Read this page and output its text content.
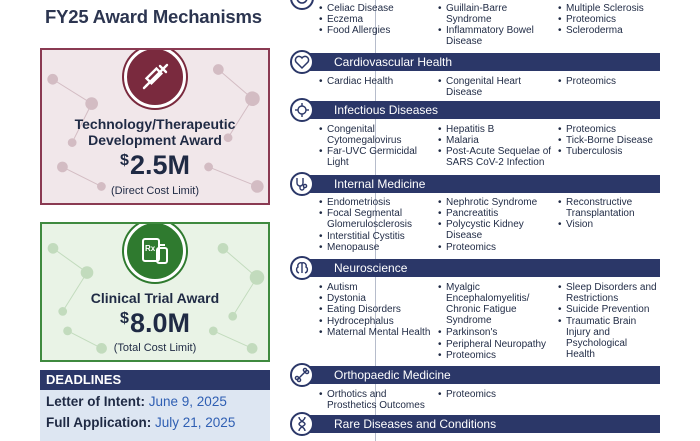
FY25 Award Mechanisms
Technology/Therapeutic
Development Award
$2.5M
(Direct Cost Limit)
Rx
Clinical Trial Award
$8.0M
(Total Cost Limit)
DEADLINES
Letter of Intent: June 9, 2025
Full Application: July 21, 2025
• Celiac Disease
• Eczema
• Food Allergies
• Guillain-Barre Syndrome
• Inflammatory Bowel Disease
• Multiple Sclerosis
• Proteomics
• Scleroderma
Cardiovascular Health
• Cardiac Health
•	Congenital Heart Disease
• Proteomics
Infectious Diseases
• Congenital Cytomegalovirus
• Far-UVC Germicidal Light
• Hepatitis B
• Malaria
• Post-Acute Sequelae of SARS CoV-2 Infection
• Proteomics
• Tick-Borne Disease
• Tuberculosis
Internal Medicine
• Endometriosis
• Focal Segmental Glomerulosclerosis
• Interstitial Cystitis
• Menopause
• Nephrotic Syndrome
• Pancreatitis
• Polycystic Kidney Disease
• Proteomics
• Reconstructive Transplantation
• Vision
Neuroscience
• Autism
• Dystonia
• Eating Disorders
• Hydrocephalus
• Maternal Mental Health
• Myalgic Encephalomyelitis/ Chronic Fatigue Syndrome
• Parkinson's
• Peripheral Neuropathy
• Proteomics
• Sleep Disorders and Restrictions
• Suicide Prevention
• Traumatic Brain Injury and Psychological Health
Orthopaedic Medicine
• Orthotics and Prosthetics Outcomes
• Proteomics
Rare Diseases and Conditions
